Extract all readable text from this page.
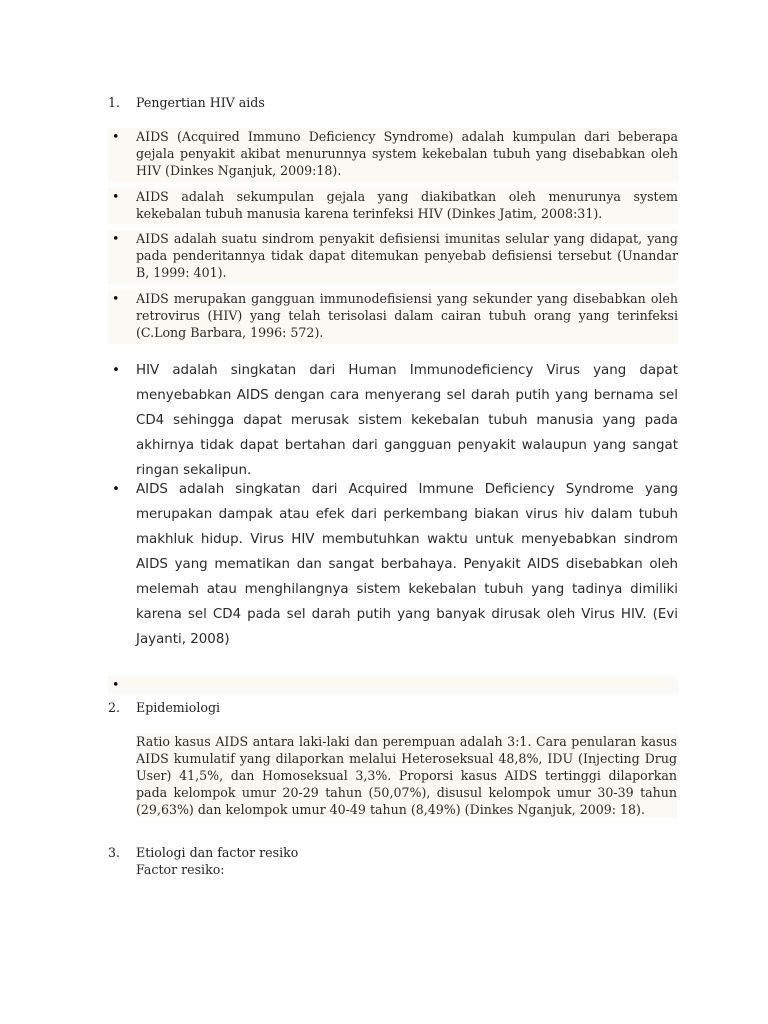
1. Pengertian HIV aids
•	AIDS (Acquired Immuno Deficiency Syndrome) adalah kumpulan dari beberapa gejala penyakit akibat menurunnya system kekebalan tubuh yang disebabkan oleh HIV (Dinkes Nganjuk, 2009:18).
•	AIDS adalah sekumpulan gejala yang diakibatkan oleh menurunya system kekebalan tubuh manusia karena terinfeksi HIV (Dinkes Jatim, 2008:31).
•	AIDS adalah suatu sindrom penyakit defisiensi imunitas selular yang didapat, yang pada penderitannya tidak dapat ditemukan penyebab defisiensi tersebut (Unandar B, 1999: 401).
•	AIDS merupakan gangguan immunodefisiensi yang sekunder yang disebabkan oleh retrovirus (HIV) yang telah terisolasi dalam cairan tubuh orang yang terinfeksi (C.Long Barbara, 1996: 572).
•	HIV adalah singkatan dari Human Immunodeficiency Virus yang dapat menyebabkan AIDS dengan cara menyerang sel darah putih yang bernama sel CD4 sehingga dapat merusak sistem kekebalan tubuh manusia yang pada akhirnya tidak dapat bertahan dari gangguan penyakit walaupun yang sangat ringan sekalipun.
•	AIDS adalah singkatan dari Acquired Immune Deficiency Syndrome yang merupakan dampak atau efek dari perkembang biakan virus hiv dalam tubuh makhluk hidup. Virus HIV membutuhkan waktu untuk menyebabkan sindrom AIDS yang mematikan dan sangat berbahaya. Penyakit AIDS disebabkan oleh melemah atau menghilangnya sistem kekebalan tubuh yang tadinya dimiliki karena sel CD4 pada sel darah putih yang banyak dirusak oleh Virus HIV. (Evi Jayanti, 2008)
•
2. Epidemiologi
Ratio kasus AIDS antara laki-laki dan perempuan adalah 3:1. Cara penularan kasus AIDS kumulatif yang dilaporkan melalui Heteroseksual 48,8%, IDU (Injecting Drug User) 41,5%, dan Homoseksual 3,3%. Proporsi kasus AIDS tertinggi dilaporkan pada kelompok umur 20-29 tahun (50,07%), disusul kelompok umur 30-39 tahun (29,63%) dan kelompok umur 40-49 tahun (8,49%) (Dinkes Nganjuk, 2009: 18).
3. Etiologi dan factor resiko
Factor resiko:
